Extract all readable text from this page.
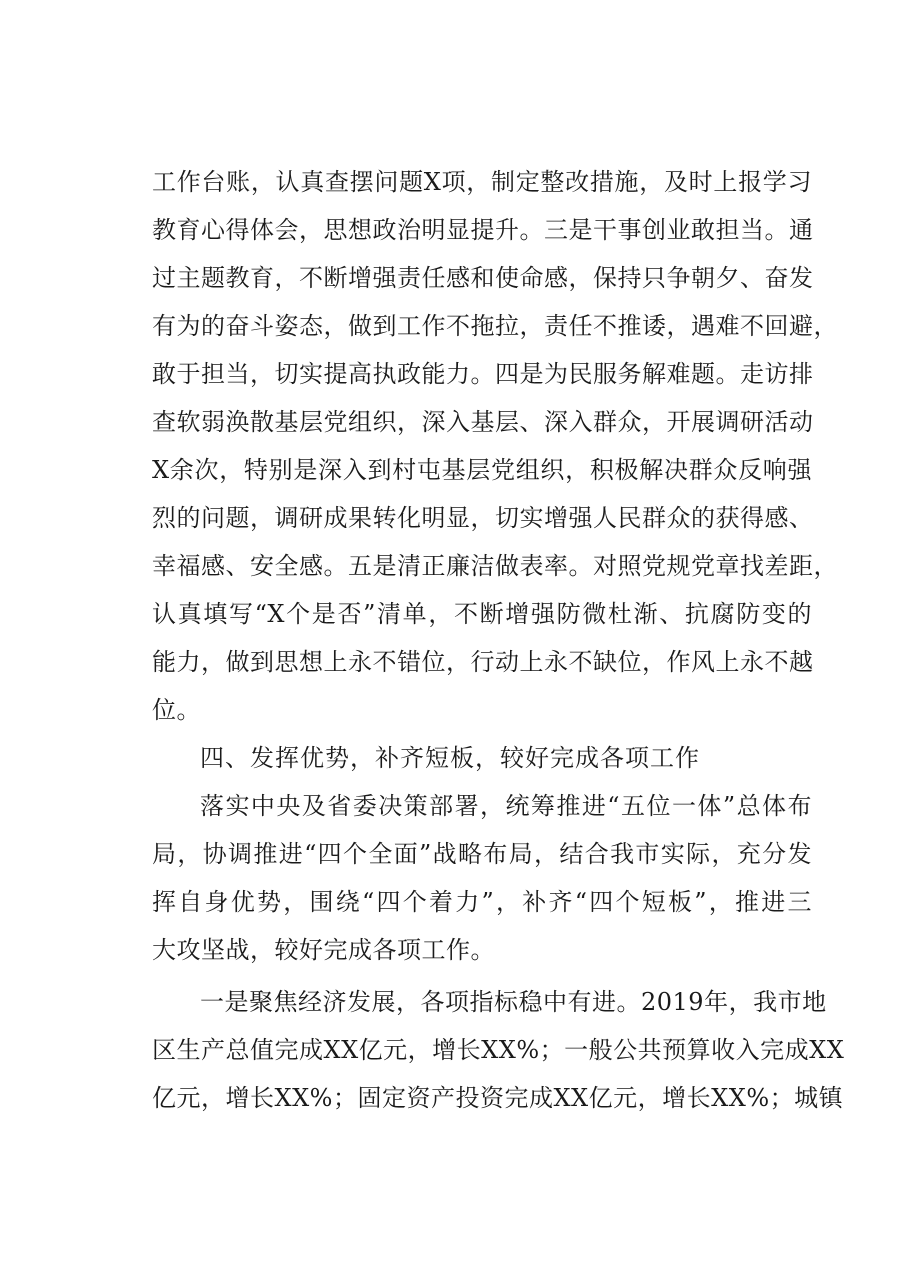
工作台账，认真查摆问题X项，制定整改措施，及时上报学习
教育心得体会，思想政治明显提升。三是干事创业敢担当。通
过主题教育，不断增强责任感和使命感，保持只争朝夕、奋发
有为的奋斗姿态，做到工作不拖拉，责任不推诿，遇难不回避，
敢于担当，切实提高执政能力。四是为民服务解难题。走访排
查软弱涣散基层党组织，深入基层、深入群众，开展调研活动
X余次，特别是深入到村屯基层党组织，积极解决群众反响强
烈的问题，调研成果转化明显，切实增强人民群众的获得感、
幸福感、安全感。五是清正廉洁做表率。对照党规党章找差距，
认真填写“X个是否”清单，不断增强防微杜渐、抗腐防变的
能力，做到思想上永不错位，行动上永不缺位，作风上永不越
位。
四、发挥优势，补齐短板，较好完成各项工作
落实中央及省委决策部署，统筹推进“五位一体”总体布
局，协调推进“四个全面”战略布局，结合我市实际，充分发
挥自身优势，围绕“四个着力”，补齐“四个短板”，推进三
大攻坚战，较好完成各项工作。
一是聚焦经济发展，各项指标稳中有进。2019年，我市地
区生产总值完成XX亿元，增长XX%；一般公共预算收入完成XX
亿元，增长XX%；固定资产投资完成XX亿元，增长XX%；城镇
